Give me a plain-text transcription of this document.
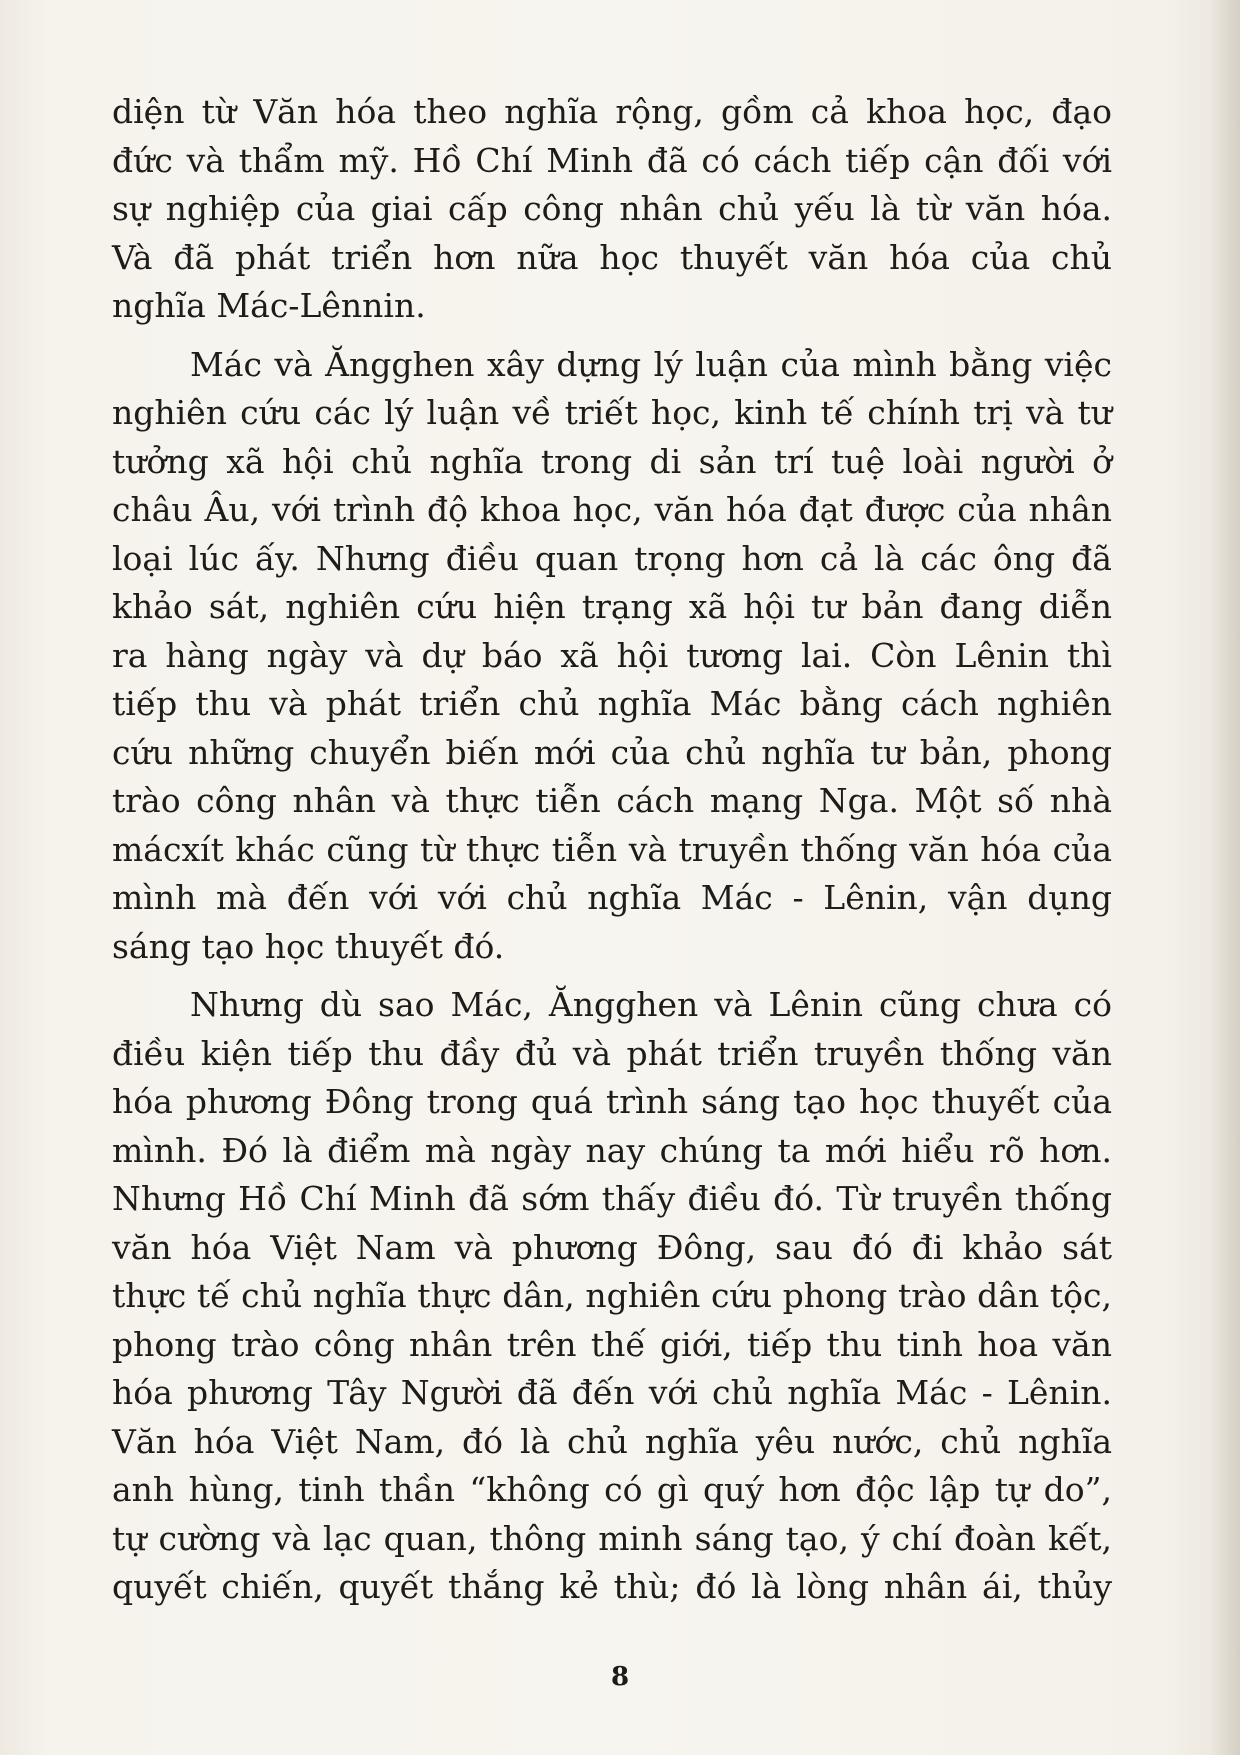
diện từ Văn hóa theo nghĩa rộng, gồm cả khoa học, đạo
đức và thẩm mỹ. Hồ Chí Minh đã có cách tiếp cận đối với
sự nghiệp của giai cấp công nhân chủ yếu là từ văn hóa.
Và đã phát triển hơn nữa học thuyết văn hóa của chủ
nghĩa Mác-Lênnin.
Mác và Ăngghen xây dựng lý luận của mình bằng việc
nghiên cứu các lý luận về triết học, kinh tế chính trị và tư
tưởng xã hội chủ nghĩa trong di sản trí tuệ loài người ở
châu Âu, với trình độ khoa học, văn hóa đạt được của nhân
loại lúc ấy. Nhưng điều quan trọng hơn cả là các ông đã
khảo sát, nghiên cứu hiện trạng xã hội tư bản đang diễn
ra hàng ngày và dự báo xã hội tương lai. Còn Lênin thì
tiếp thu và phát triển chủ nghĩa Mác bằng cách nghiên
cứu những chuyển biến mới của chủ nghĩa tư bản, phong
trào công nhân và thực tiễn cách mạng Nga. Một số nhà
mácxít khác cũng từ thực tiễn và truyền thống văn hóa của
mình mà đến với với chủ nghĩa Mác - Lênin, vận dụng
sáng tạo học thuyết đó.
Nhưng dù sao Mác, Ăngghen và Lênin cũng chưa có
điều kiện tiếp thu đầy đủ và phát triển truyền thống văn
hóa phương Đông trong quá trình sáng tạo học thuyết của
mình. Đó là điểm mà ngày nay chúng ta mới hiểu rõ hơn.
Nhưng Hồ Chí Minh đã sớm thấy điều đó. Từ truyền thống
văn hóa Việt Nam và phương Đông, sau đó đi khảo sát
thực tế chủ nghĩa thực dân, nghiên cứu phong trào dân tộc,
phong trào công nhân trên thế giới, tiếp thu tinh hoa văn
hóa phương Tây Người đã đến với chủ nghĩa Mác - Lênin.
Văn hóa Việt Nam, đó là chủ nghĩa yêu nước, chủ nghĩa
anh hùng, tinh thần “không có gì quý hơn độc lập tự do”,
tự cường và lạc quan, thông minh sáng tạo, ý chí đoàn kết,
quyết chiến, quyết thắng kẻ thù; đó là lòng nhân ái, thủy
8
